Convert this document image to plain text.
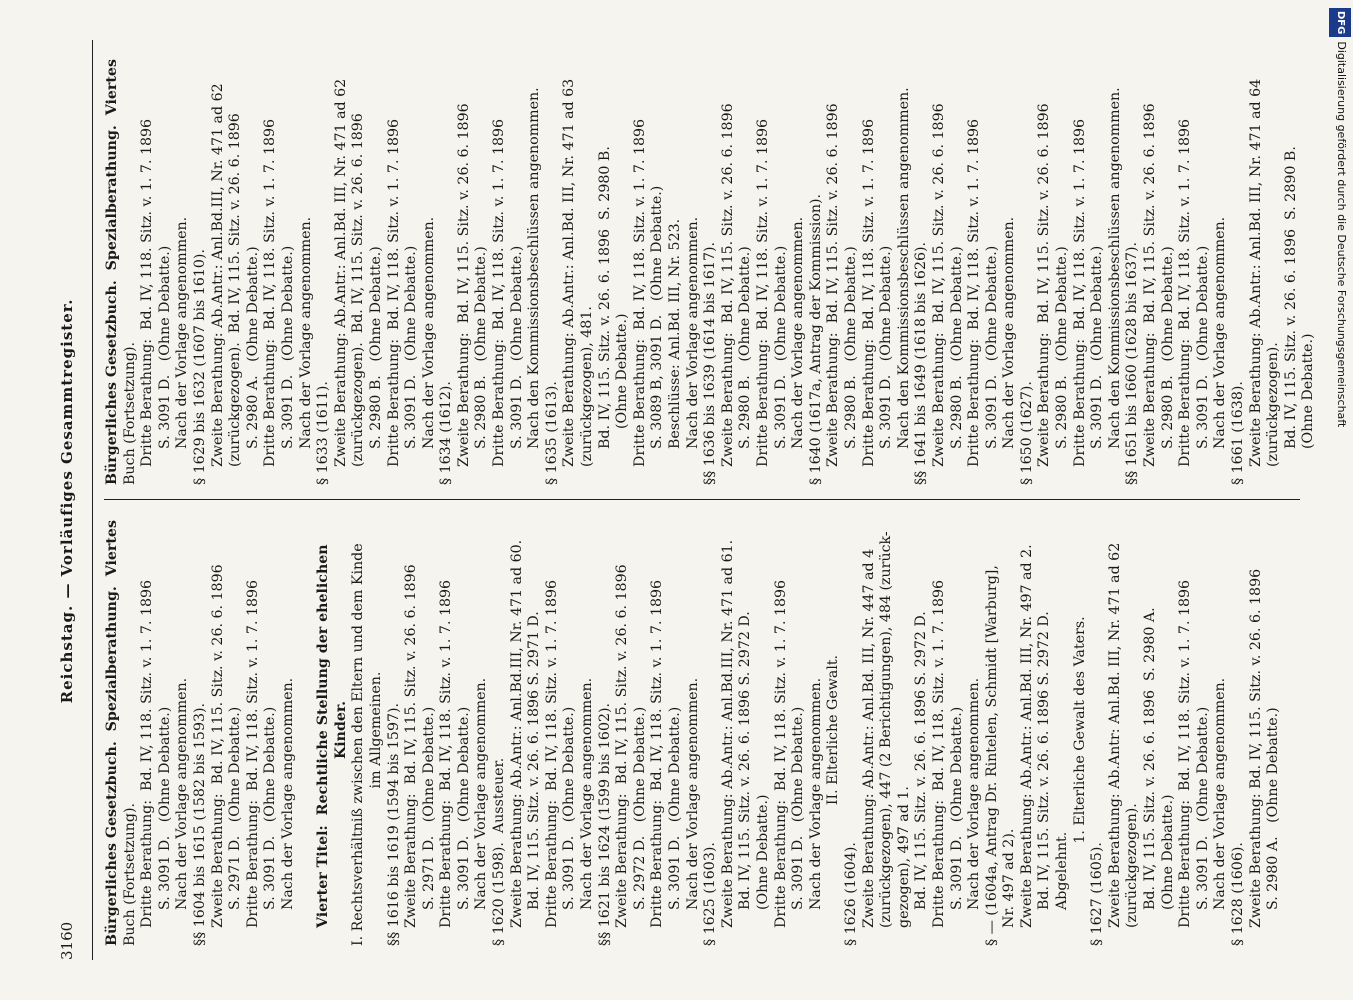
3160
Reichstag. — Vorläufiges Gesammtregister.
Bürgerliches Gesetzbuch.  Spezialberathung.  Viertes Buch (Fortsetzung). Dritte Berathung:  Bd. IV, 118. Sitz. v. 1. 7. 1896 S. 3091 D.   (Ohne Debatte.) Nach der Vorlage angenommen. §§ 1604 bis 1615 (1582 bis 1593). Zweite Berathung:  Bd. IV, 115. Sitz. v. 26. 6. 1896 S. 2971 D.   (Ohne Debatte.) Dritte Berathung:  Bd. IV, 118. Sitz. v. 1. 7. 1896 S. 3091 D.   (Ohne Debatte.) Nach der Vorlage angenommen.
Vierter Titel:  Rechtliche Stellung der ehelichen Kinder. I. Rechtsverhältniß zwischen den Eltern und dem Kinde im Allgemeinen. §§ 1616 bis 1619 (1594 bis 1597). Zweite Berathung:  Bd. IV, 115. Sitz. v. 26. 6. 1896 S. 2971 D.   (Ohne Debatte.) Dritte Berathung:  Bd. IV, 118. Sitz. v. 1. 7. 1896 S. 3091 D.   (Ohne Debatte.) Nach der Vorlage angenommen. § 1620 (1598).  Aussteuer. Zweite Berathung: Ab.Antr.: Anl.Bd.III, Nr. 471 ad 60. Bd. IV, 115. Sitz. v. 26. 6. 1896 S. 2971 D. Dritte Berathung:  Bd. IV, 118. Sitz. v. 1. 7. 1896 S. 3091 D.   (Ohne Debatte.) Nach der Vorlage angenommen. §§ 1621 bis 1624 (1599 bis 1602). Zweite Berathung:  Bd. IV, 115. Sitz. v. 26. 6. 1896 S. 2972 D.   (Ohne Debatte.) Dritte Berathung:  Bd. IV, 118. Sitz. v. 1. 7. 1896 S. 3091 D.   (Ohne Debatte.) Nach der Vorlage angenommen. § 1625 (1603). Zweite Berathung: Ab.Antr.: Anl.Bd.III, Nr. 471 ad 61. Bd. IV, 115. Sitz. v. 26. 6. 1896 S. 2972 D. (Ohne Debatte.) Dritte Berathung:  Bd. IV, 118. Sitz. v. 1. 7. 1896 S. 3091 D.   (Ohne Debatte.) Nach der Vorlage angenommen. II. Elterliche Gewalt.
§ 1626 (1604). Zweite Berathung: Ab.Antr.: Anl.Bd. III, Nr. 447 ad 4 (zurückgezogen), 447 (2 Berichtigungen), 484 (zurück- gezogen), 497 ad 1. Bd. IV, 115. Sitz. v. 26. 6. 1896 S. 2972 D. Dritte Berathung:  Bd. IV, 118. Sitz. v. 1. 7. 1896 S. 3091 D.   (Ohne Debatte.) Nach der Vorlage angenommen. § — (1604a, Antrag Dr. Rintelen, Schmidt [Warburg], Nr. 497 ad 2). Zweite Berathung: Ab.Antr.: Anl.Bd. III, Nr. 497 ad 2. Bd. IV, 115. Sitz. v. 26. 6. 1896 S. 2972 D. Abgelehnt.
1. Elterliche Gewalt des Vaters.
§ 1627 (1605). Zweite Berathung: Ab.Antr: Anl.Bd. III, Nr. 471 ad 62 (zurückgezogen). Bd. IV, 115. Sitz. v. 26. 6. 1896  S. 2980 A. (Ohne Debatte.) Dritte Berathung:  Bd. IV, 118. Sitz. v. 1. 7. 1896 S. 3091 D.   (Ohne Debatte.) Nach der Vorlage angenommen. § 1628 (1606). Zweite Berathung: Bd. IV, 115. Sitz. v. 26. 6. 1896 S. 2980 A.   (Ohne Debatte.)
Bürgerliches Gesetzbuch.  Spezialberathung.  Viertes Buch (Fortsetzung). Dritte Berathung:  Bd. IV, 118. Sitz. v. 1. 7. 1896 S. 3091 D.   (Ohne Debatte.) Nach der Vorlage angenommen. § 1629 bis 1632 (1607 bis 1610). Zweite Berathung: Ab.Antr.: Anl.Bd.III, Nr. 471 ad 62 (zurückgezogen).  Bd. IV, 115. Sitz. v. 26. 6. 1896 S. 2980 A.   (Ohne Debatte.) Dritte Berathung:  Bd. IV, 118. Sitz. v. 1. 7. 1896 S. 3091 D.   (Ohne Debatte.) Nach der Vorlage angenommen. § 1633 (1611). Zweite Berathung: Ab.Antr.: Anl.Bd. III, Nr. 471 ad 62 (zurückgezogen).  Bd. IV, 115. Sitz. v. 26. 6. 1896 S. 2980 B.   (Ohne Debatte.) Dritte Berathung:  Bd. IV, 118. Sitz. v. 1. 7. 1896 S. 3091 D.   (Ohne Debatte.) Nach der Vorlage angenommen. § 1634 (1612). Zweite Berathung:  Bd. IV, 115. Sitz. v. 26. 6. 1896 S. 2980 B.   (Ohne Debatte.) Dritte Berathung:  Bd. IV, 118. Sitz. v. 1. 7. 1896 S. 3091 D.   (Ohne Debatte.) Nach den Kommissionsbeschlüssen angenommen. § 1635 (1613). Zweite Berathung: Ab.Antr.: Anl.Bd. III, Nr. 471 ad 63 (zurückgezogen), 481. Bd. IV, 115. Sitz. v. 26. 6. 1896  S. 2980 B. (Ohne Debatte.) Dritte Berathung:  Bd. IV, 118. Sitz. v. 1. 7. 1896 S. 3089 B, 3091 D.   (Ohne Debatte.) Beschlüsse: Anl.Bd. III, Nr. 523. Nach der Vorlage angenommen. §§ 1636 bis 1639 (1614 bis 1617). Zweite Berathung:  Bd. IV, 115. Sitz. v. 26. 6. 1896 S. 2980 B.   (Ohne Debatte.) Dritte Berathung:  Bd. IV, 118. Sitz. v. 1. 7. 1896 S. 3091 D.   (Ohne Debatte.) Nach der Vorlage angenommen. § 1640 (1617a, Antrag der Kommission). Zweite Berathung:  Bd. IV, 115. Sitz. v. 26. 6. 1896 S. 2980 B.   (Ohne Debatte.) Dritte Berathung:  Bd. IV, 118. Sitz. v. 1. 7. 1896 S. 3091 D.   (Ohne Debatte.) Nach den Kommissionsbeschlüssen angenommen. §§ 1641 bis 1649 (1618 bis 1626). Zweite Berathung:  Bd. IV, 115. Sitz. v. 26. 6. 1896 S. 2980 B.   (Ohne Debatte.) Dritte Berathung:  Bd. IV, 118. Sitz. v. 1. 7. 1896 S. 3091 D.   (Ohne Debatte.) Nach der Vorlage angenommen. § 1650 (1627). Zweite Berathung:  Bd. IV, 115. Sitz. v. 26. 6. 1896 S. 2980 B.   (Ohne Debatte.) Dritte Berathung:  Bd. IV, 118. Sitz. v. 1. 7. 1896 S. 3091 D.   (Ohne Debatte.) Nach den Kommissionsbeschlüssen angenommen. §§ 1651 bis 1660 (1628 bis 1637). Zweite Berathung:  Bd. IV, 115. Sitz. v. 26. 6. 1896 S. 2980 B.   (Ohne Debatte.) Dritte Berathung:  Bd. IV, 118. Sitz. v. 1. 7. 1896 S. 3091 D.   (Ohne Debatte.) Nach der Vorlage angenommen. § 1661 (1638). Zweite Berathung: Ab.Antr.: Anl.Bd. III, Nr. 471 ad 64 (zurückgezogen). Bd. IV, 115. Sitz. v. 26. 6. 1896  S. 2890 B. (Ohne Debatte.)
DFGDigitalisierung gefördert durch die Deutsche Forschungsgemeinschaft
